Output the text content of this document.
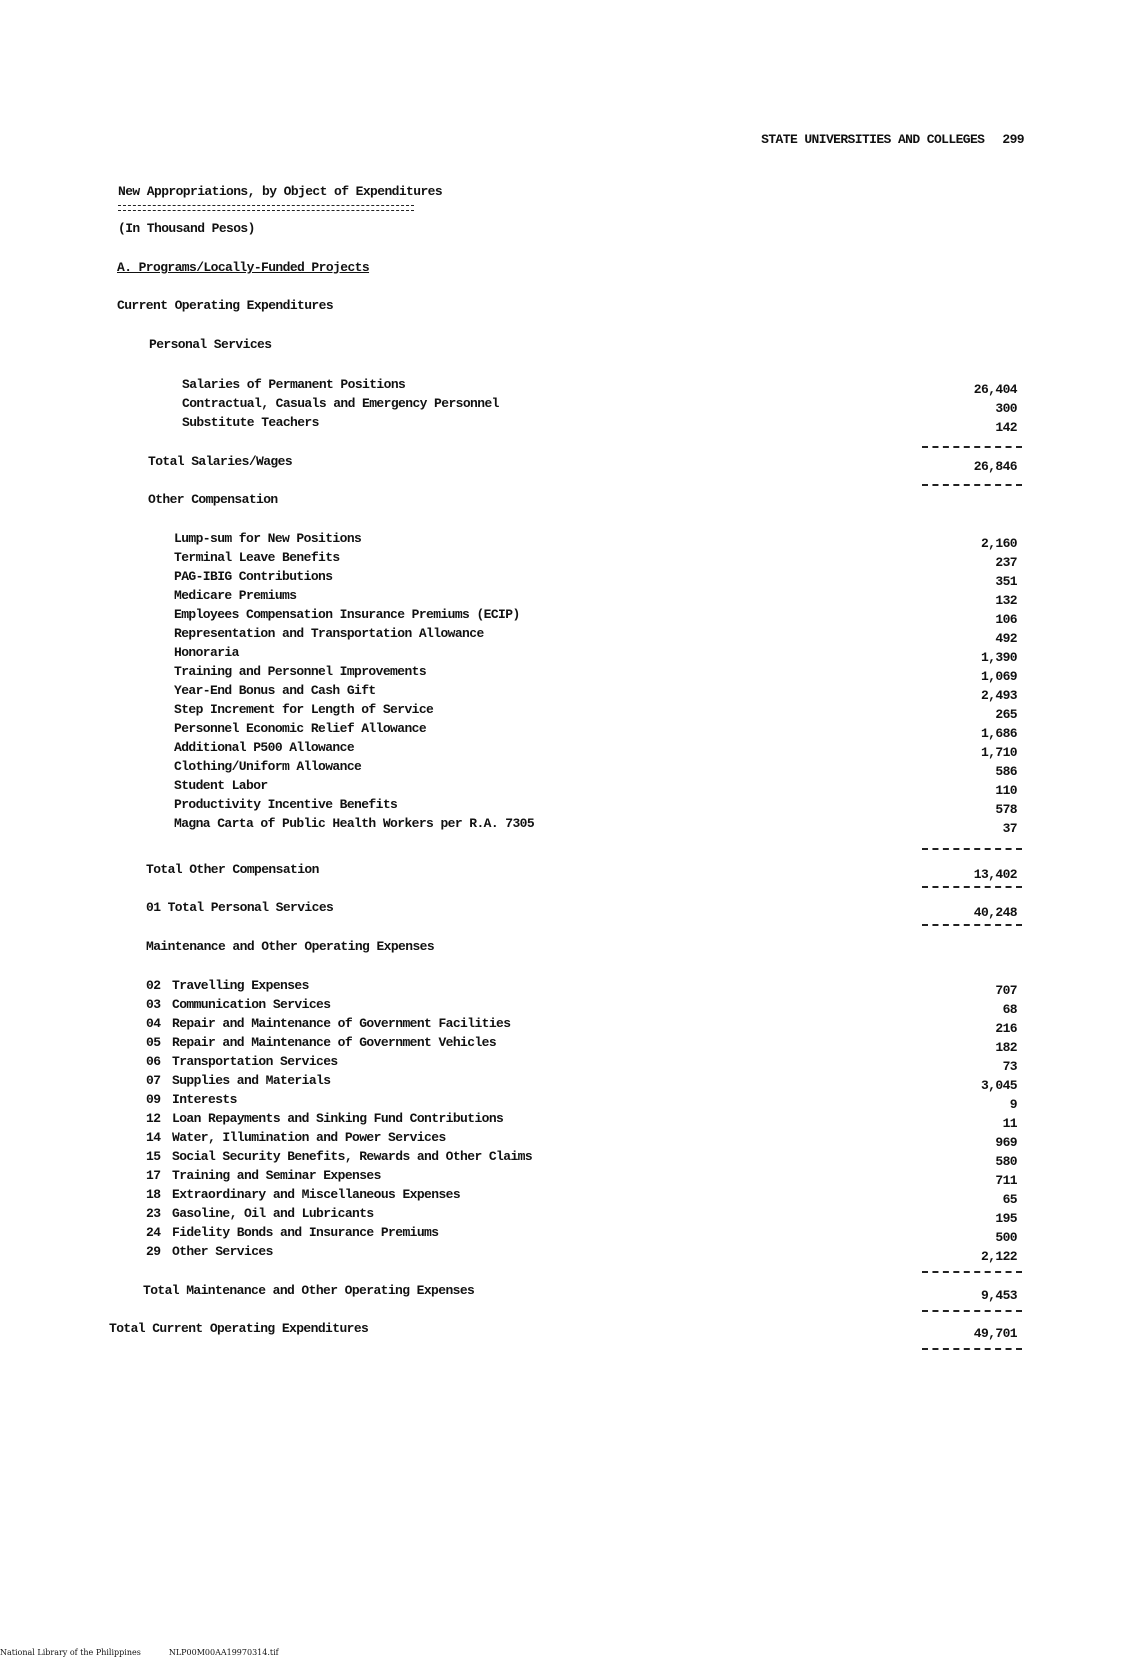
STATE UNIVERSITIES AND COLLEGES 299
New Appropriations, by Object of Expenditures
(In Thousand Pesos)
A. Programs/Locally-Funded Projects
Current Operating Expenditures
Personal Services
Salaries of Permanent Positions	26,404
Contractual, Casuals and Emergency Personnel	300
Substitute Teachers	142
Total Salaries/Wages	26,846
Other Compensation
Lump-sum for New Positions	2,160
Terminal Leave Benefits	237
PAG-IBIG Contributions	351
Medicare Premiums	132
Employees Compensation Insurance Premiums (ECIP)	106
Representation and Transportation Allowance	492
Honoraria	1,390
Training and Personnel Improvements	1,069
Year-End Bonus and Cash Gift	2,493
Step Increment for Length of Service	265
Personnel Economic Relief Allowance	1,686
Additional P500 Allowance	1,710
Clothing/Uniform Allowance	586
Student Labor	110
Productivity Incentive Benefits	578
Magna Carta of Public Health Workers per R.A. 7305	37
Total Other Compensation	13,402
01 Total Personal Services	40,248
Maintenance and Other Operating Expenses
02 Travelling Expenses	707
03 Communication Services	68
04 Repair and Maintenance of Government Facilities	216
05 Repair and Maintenance of Government Vehicles	182
06 Transportation Services	73
07 Supplies and Materials	3,045
09 Interests	9
12 Loan Repayments and Sinking Fund Contributions	11
14 Water, Illumination and Power Services	969
15 Social Security Benefits, Rewards and Other Claims	580
17 Training and Seminar Expenses	711
18 Extraordinary and Miscellaneous Expenses	65
23 Gasoline, Oil and Lubricants	195
24 Fidelity Bonds and Insurance Premiums	500
29 Other Services	2,122
Total Maintenance and Other Operating Expenses	9,453
Total Current Operating Expenditures	49,701
National Library of the Philippines	NLP00M00AA19970314.tif
